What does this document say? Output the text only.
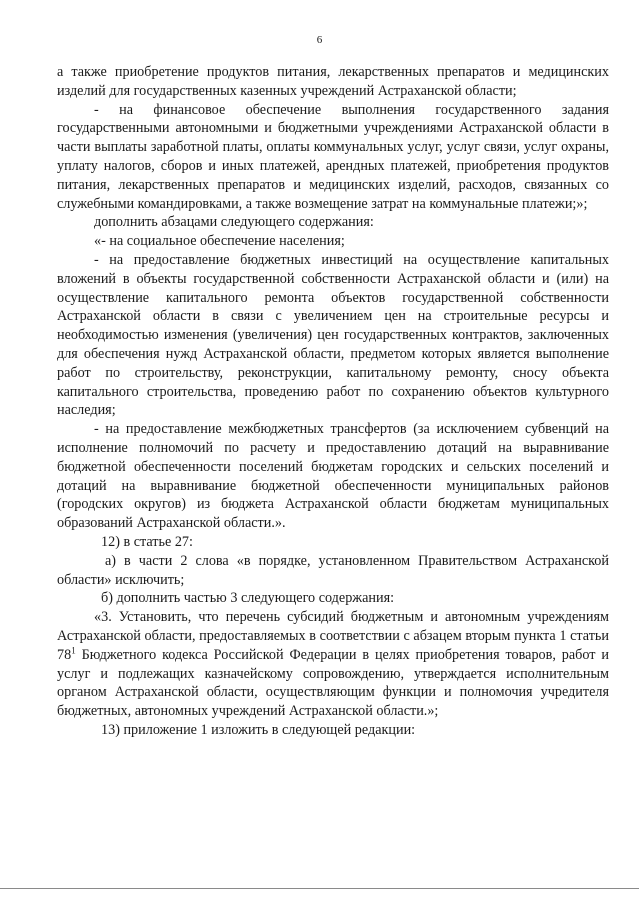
6

а также приобретение продуктов питания, лекарственных препаратов и медицинских изделий для государственных казенных учреждений Астраханской области;

- на финансовое обеспечение выполнения государственного задания государственными автономными и бюджетными учреждениями Астраханской области в части выплаты заработной платы, оплаты коммунальных услуг, услуг связи, услуг охраны, уплату налогов, сборов и иных платежей, арендных платежей, приобретения продуктов питания, лекарственных препаратов и медицинских изделий, расходов, связанных со служебными командировками, а также возмещение затрат на коммунальные платежи;»;

дополнить абзацами следующего содержания:

«- на социальное обеспечение населения;

- на предоставление бюджетных инвестиций на осуществление капитальных вложений в объекты государственной собственности Астраханской области и (или) на осуществление капитального ремонта объектов государственной собственности Астраханской области в связи с увеличением цен на строительные ресурсы и необходимостью изменения (увеличения) цен государственных контрактов, заключенных для обеспечения нужд Астраханской области, предметом которых является выполнение работ по строительству, реконструкции, капитальному ремонту, сносу объекта капитального строительства, проведению работ по сохранению объектов культурного наследия;

- на предоставление межбюджетных трансфертов (за исключением субвенций на исполнение полномочий по расчету и предоставлению дотаций на выравнивание бюджетной обеспеченности поселений бюджетам городских и сельских поселений и дотаций на выравнивание бюджетной обеспеченности муниципальных районов (городских округов) из бюджета Астраханской области бюджетам муниципальных образований Астраханской области.».

12) в статье 27:

а) в части 2 слова «в порядке, установленном Правительством Астраханской области» исключить;

б) дополнить частью 3 следующего содержания:

«3. Установить, что перечень субсидий бюджетным и автономным учреждениям Астраханской области, предоставляемых в соответствии с абзацем вторым пункта 1 статьи $78^1$ Бюджетного кодекса Российской Федерации в целях приобретения товаров, работ и услуг и подлежащих казначейскому сопровождению, утверждается исполнительным органом Астраханской области, осуществляющим функции и полномочия учредителя бюджетных, автономных учреждений Астраханской области.»;

13) приложение 1 изложить в следующей редакции:
